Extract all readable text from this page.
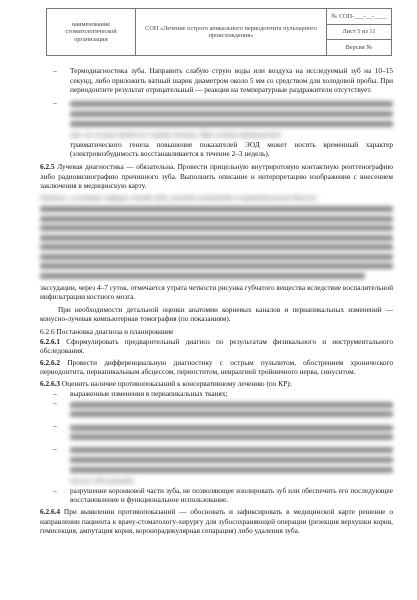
наименование
стоматологической
организации
СОП «Лечение острого апикального периодонтита пульпарного происхождения»
№ СОП-___-__-____
Лист 5 из 11
Версия №
–	Термодиагностика зуба. Направить слабую струю воды или воздуха на исследуемый зуб на 10–15 секунд, либо приложить ватный шарик диаметром около 5 мм со средством для холодовой пробы. При периодонтите результат отрицательный — реакция на температурные раздражители отсутствует.
–
них, не осуществляется в тканях пульпы. При остром периодонтите
травматического генеза повышение показателей ЭОД может носить временный характер (электровозбудимость восстанавливается в течение 2–3 недель).
6.2.5 Лучевая диагностика — обязательна. Провести прицельную внутриротовую контактную рентгенографию либо радиовизиографию причинного зуба. Выполнить описание и интерпретацию изображения с внесением заключения в медицинскую карту.
Оценить: состояние твёрдых тканей зуба, наличие изменений в периапикальной области.
экссудации, через 4–7 суток, отмечается утрата четкости рисунка губчатого вещества вследствие воспалительной инфильтрации костного мозга.
При необходимости детальной оценки анатомии корневых каналов и периапикальных изменений — конусно-лучевая компьютерная томография (по показаниям).
6.2.6 Постановка диагноза и планирование
6.2.6.1 Сформулировать предварительный диагноз по результатам физикального и инструментального обследования.
6.2.6.2 Провести дифференциальную диагностику с острым пульпитом, обострением хронического периодонтита, периапикальным абсцессом, периоститом, невралгией тройничного нерва, синуситом.
6.2.6.3 Оценить наличие противопоказаний к консервативному лечению (по КР):
–	выраженные изменения в периапикальных тканях;
–
–
–
частых обострений);
–	разрушение коронковой части зуба, не позволяющее изолировать зуб или обеспечить его последующее восстановление и функциональное использование.
6.2.6.4 При выявлении противопоказаний — обосновать и зафиксировать в медицинской карте решение о направлении пациента к врачу-стоматологу-хирургу для зубосохраняющей операции (резекция верхушки корня, гемисекция, ампутация корня, коронорадикулярная сепарация) либо удаления зуба.
